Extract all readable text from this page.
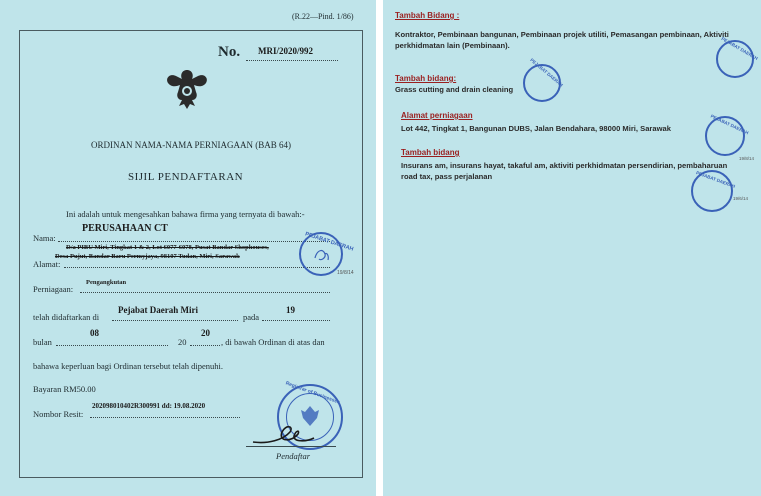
(R.22—Pind. 1/86)
No. MRI/2020/992
ORDINAN NAMA-NAMA PERNIAGAAN (BAB 64)
SIJIL PENDAFTARAN
Ini adalah untuk mengesahkan bahawa firma yang ternyata di bawah:-
Nama:
PERUSAHAAN CT
D/a PIBU Miri, Tingkat 1 & 2, Lot 6077-6078, Pusat Bandar Shophouses,
Desa Pujut, Bandar Baru Permyjaya, 98107 Tudan, Miri, Sarawak
Alamat:
Perniagaan:
Pengangkutan
telah didaftarkan di
Pejabat Daerah Miri
pada
19
bulan
08
20
20
, di bawah Ordinan di atas dan
bahawa keperluan bagi Ordinan tersebut telah dipenuhi.
Bayaran RM50.00
Nombor Resit:
202098010402R300991 dd: 19.08.2020
PEJABAT DAERAH
19/8/14
Registrar of Businesses
Pendaftar
Tambah Bidang :
Kontraktor, Pembinaan bangunan, Pembinaan projek utiliti, Pemasangan pembinaan, Aktiviti perkhidmatan lain (Pembinaan).
Tambah bidang:
Grass cutting and drain cleaning
Alamat perniagaan
Lot 442, Tingkat 1, Bangunan DUBS, Jalan Bendahara, 98000 Miri, Sarawak
Tambah bidang
Insurans am, insurans hayat, takaful am, aktiviti perkhidmatan persendirian, pembaharuan road tax, pass perjalanan
PEJABAT DAERAH
PEJABAT DAERAH
PEJABAT DAERAH
19/8/14
PEJABAT DAERAH
19/6/14
